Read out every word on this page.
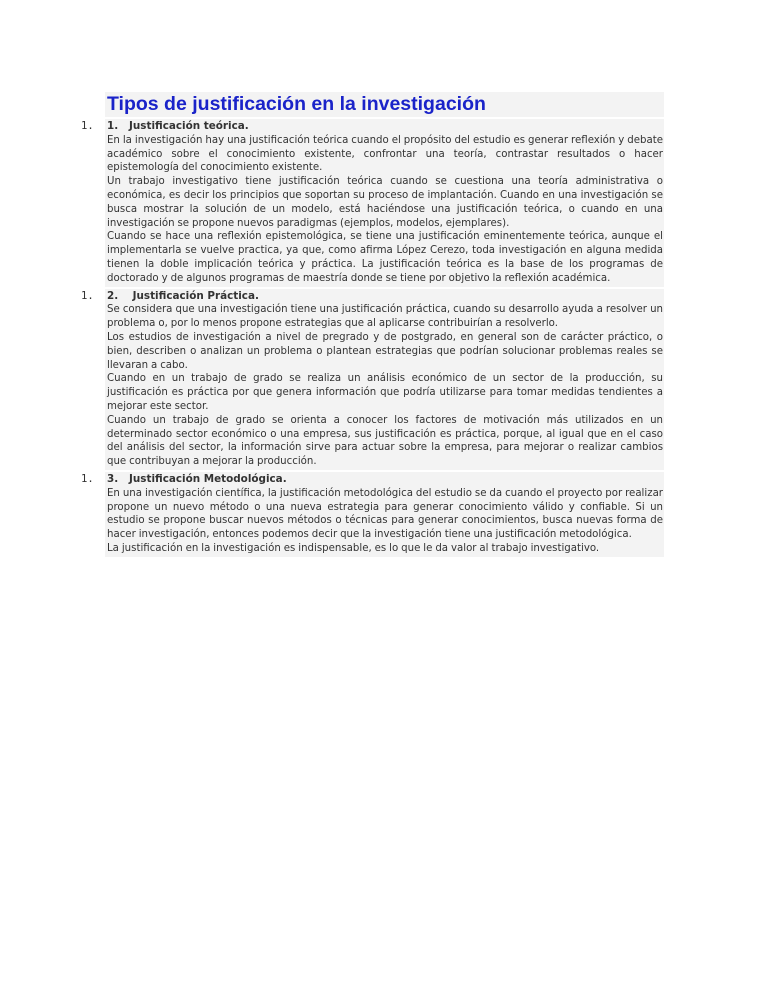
Tipos de justificación en la investigación
1. 1.   Justificación teórica.

En la investigación hay una justificación teórica cuando el propósito del estudio es generar reflexión y debate académico sobre el conocimiento existente, confrontar una teoría, contrastar resultados o hacer epistemología del conocimiento existente.

Un trabajo investigativo tiene justificación teórica cuando se cuestiona una teoría administrativa o económica, es decir los principios que soportan su proceso de implantación. Cuando en una investigación se busca mostrar la solución de un modelo, está haciéndose una justificación teórica, o cuando en una investigación se propone nuevos paradigmas (ejemplos, modelos, ejemplares).

Cuando se hace una reflexión epistemológica, se tiene una justificación eminentemente teórica, aunque el implementarla se vuelve practica, ya que, como afirma López Cerezo, toda investigación en alguna medida tienen la doble implicación teórica y práctica. La justificación teórica es la base de los programas de doctorado y de algunos programas de maestría donde se tiene por objetivo la reflexión académica.

1. 2.    Justificación Práctica.

Se considera que una investigación tiene una justificación práctica, cuando su desarrollo ayuda a resolver un problema o, por lo menos propone estrategias que al aplicarse contribuirían a resolverlo.

Los estudios de investigación a nivel de pregrado y de postgrado, en general son de carácter práctico, o bien, describen o analizan un problema o plantean estrategias que podrían solucionar problemas reales se llevaran a cabo.

Cuando en un trabajo de grado se realiza un análisis económico de un sector de la producción, su justificación es práctica por que genera información que podría utilizarse para tomar medidas tendientes a mejorar este sector.

Cuando un trabajo de grado se orienta a conocer los factores de motivación más utilizados en un determinado sector económico o una empresa, sus justificación es práctica, porque, al igual que en el caso del análisis del sector, la información sirve para actuar sobre la empresa, para mejorar o realizar cambios que contribuyan a mejorar la producción.

1. 3.   Justificación Metodológica.

En una investigación científica, la justificación metodológica del estudio se da cuando el proyecto por realizar propone un nuevo método o una nueva estrategia para generar conocimiento válido y confiable. Si un estudio se propone buscar nuevos métodos o técnicas para generar conocimientos, busca nuevas forma de hacer investigación, entonces podemos decir que la investigación tiene una justificación metodológica.

La justificación en la investigación es indispensable, es lo que le da valor al trabajo investigativo.
